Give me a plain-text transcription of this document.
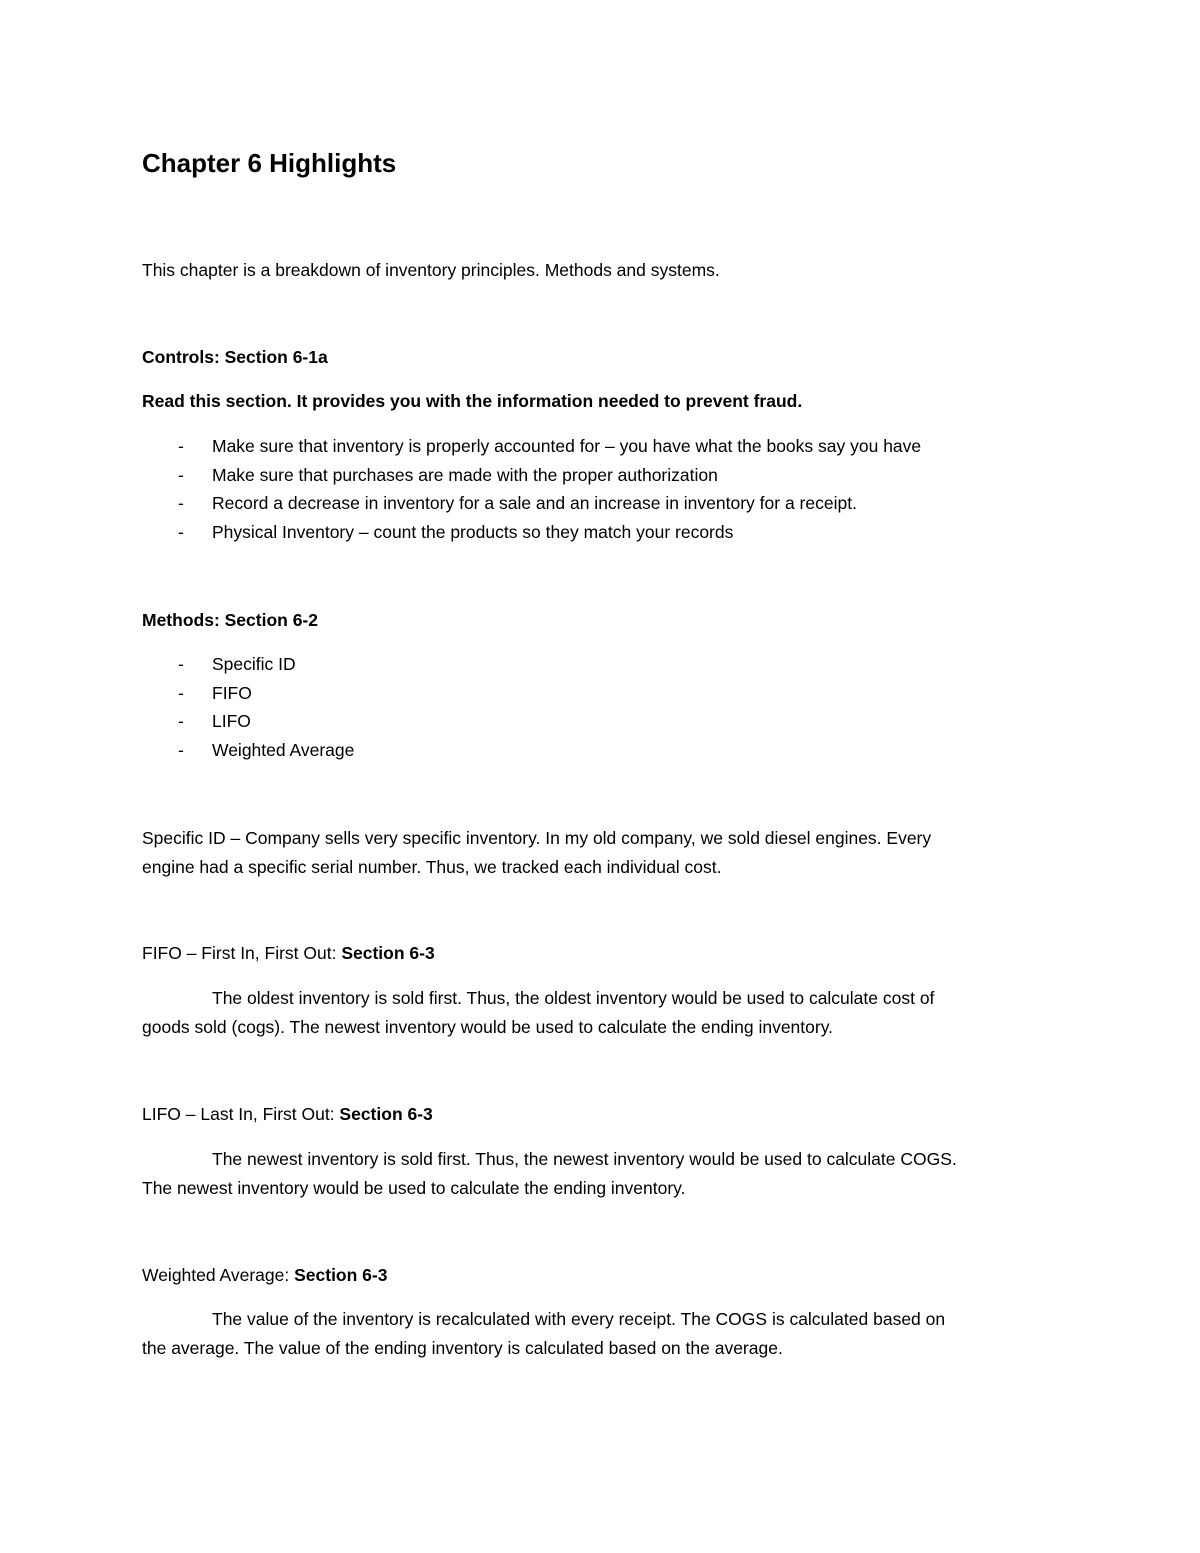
Chapter 6 Highlights

This chapter is a breakdown of inventory principles. Methods and systems.

Controls: Section 6-1a

Read this section. It provides you with the information needed to prevent fraud.

- Make sure that inventory is properly accounted for – you have what the books say you have
- Make sure that purchases are made with the proper authorization
- Record a decrease in inventory for a sale and an increase in inventory for a receipt.
- Physical Inventory – count the products so they match your records

Methods: Section 6-2

- Specific ID
- FIFO
- LIFO
- Weighted Average
Specific ID – Company sells very specific inventory. In my old company, we sold diesel engines. Every
engine had a specific serial number. Thus, we tracked each individual cost.

FIFO – First In, First Out: Section 6-3

The oldest inventory is sold first. Thus, the oldest inventory would be used to calculate cost of
goods sold (cogs). The newest inventory would be used to calculate the ending inventory.

LIFO – Last In, First Out: Section 6-3

The newest inventory is sold first. Thus, the newest inventory would be used to calculate COGS.
The newest inventory would be used to calculate the ending inventory.

Weighted Average: Section 6-3

The value of the inventory is recalculated with every receipt. The COGS is calculated based on
the average. The value of the ending inventory is calculated based on the average.
